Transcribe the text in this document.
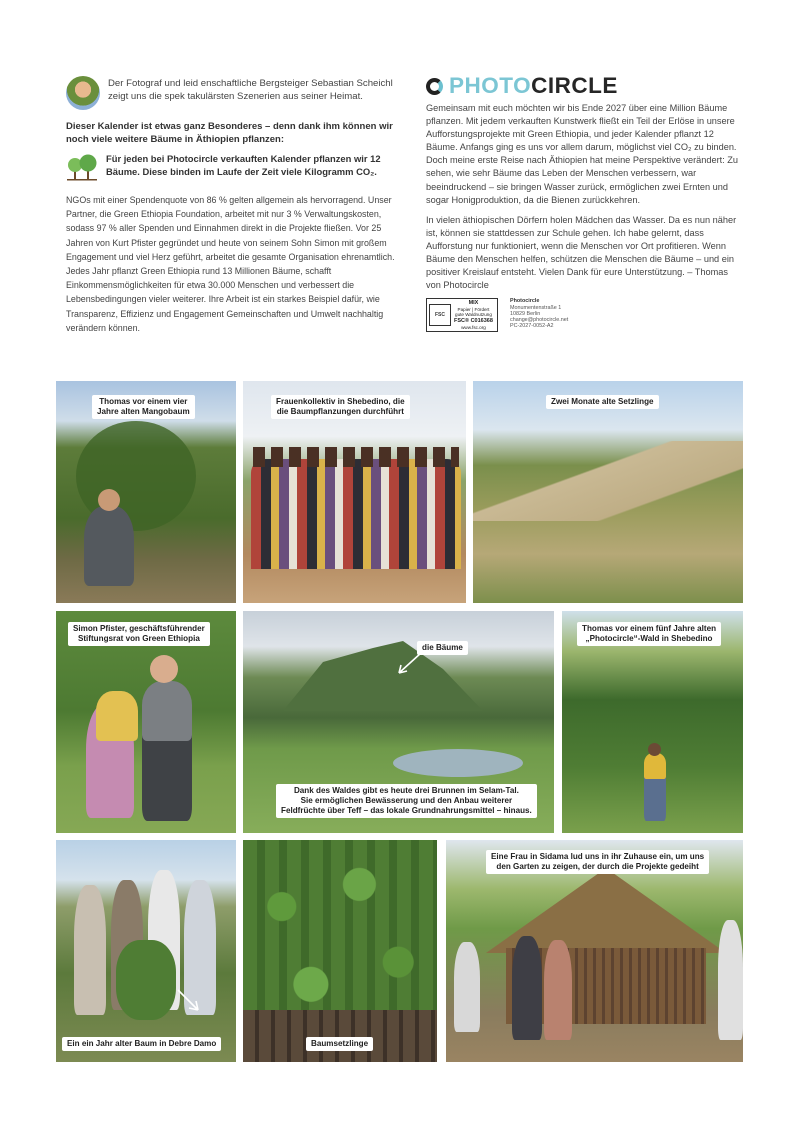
Der Fotograf und leid enschaftliche Bergsteiger Sebastian Scheichl zeigt uns die spek takulärsten Szenerien aus seiner Heimat.

Dieser Kalender ist etwas ganz Besonderes – denn dank ihm können wir noch viele weitere Bäume in Äthiopien pflanzen:

Für jeden bei Photocircle verkauften Kalender pflanzen wir 12 Bäume. Diese binden im Laufe der Zeit viele Kilogramm CO₂.

NGOs mit einer Spendenquote von 86 % gelten allgemein als hervorragend. Unser Partner, die Green Ethiopia Foundation, arbeitet mit nur 3 % Verwaltungskosten, sodass 97 % aller Spenden und Einnahmen direkt in die Projekte fließen. Vor 25 Jahren von Kurt Pfister gegründet und heute von seinem Sohn Simon mit großem Engagement und viel Herz geführt, arbeitet die gesamte Organisation ehrenamtlich. Jedes Jahr pflanzt Green Ethiopia rund 13 Millionen Bäume, schafft Einkommensmöglichkeiten für etwa 30.000 Menschen und verbessert die Lebensbedingungen vieler weiterer. Ihre Arbeit ist ein starkes Beispiel dafür, wie Transparenz, Effizienz und Engagement Gemeinschaften und Umwelt nachhaltig verändern können.

PHOTOCIRCLE

Gemeinsam mit euch möchten wir bis Ende 2027 über eine Million Bäume pflanzen. Mit jedem verkauften Kunstwerk fließt ein Teil der Erlöse in unsere Aufforstungsprojekte mit Green Ethiopia, und jeder Kalender pflanzt 12 Bäume. Anfangs ging es uns vor allem darum, möglichst viel CO₂ zu binden. Doch meine erste Reise nach Äthiopien hat meine Perspektive verändert: Zu sehen, wie sehr Bäume das Leben der Menschen verbessern, war beeindruckend – sie bringen Wasser zurück, ermöglichen zwei Ernten und sogar Honigproduktion, da die Bienen zurückkehren.

In vielen äthiopischen Dörfern holen Mädchen das Wasser. Da es nun näher ist, können sie stattdessen zur Schule gehen. Ich habe gelernt, dass Aufforstung nur funktioniert, wenn die Menschen vor Ort profitieren. Wenn Bäume den Menschen helfen, schützen die Menschen die Bäume – und ein positiver Kreislauf entsteht. Vielen Dank für eure Unterstützung. – Thomas von Photocircle

FSC
MIX
Papier | Fördert
gute Waldnutzung
FSC® C016368
www.fsc.org
Photocircle
Monumentenstraße 1
10829 Berlin
change@photocircle.net
PC-2027-0052-A2
Thomas vor einem vier
Jahre alten Mangobaum
Frauenkollektiv in Shebedino, die
die Baumpflanzungen durchführt
Zwei Monate alte Setzlinge
Simon Pfister, geschäftsführender
Stiftungsrat von Green Ethiopia
die Bäume
Dank des Waldes gibt es heute drei Brunnen im Selam-Tal.
Sie ermöglichen Bewässerung und den Anbau weiterer
Feldfrüchte über Teff – das lokale Grundnahrungsmittel – hinaus.
Thomas vor einem fünf Jahre alten
„Photocircle“-Wald in Shebedino
Ein ein Jahr alter Baum in Debre Damo	Baumsetzlinge
Eine Frau in Sidama lud uns in ihr Zuhause ein, um uns
den Garten zu zeigen, der durch die Projekte gedeiht
